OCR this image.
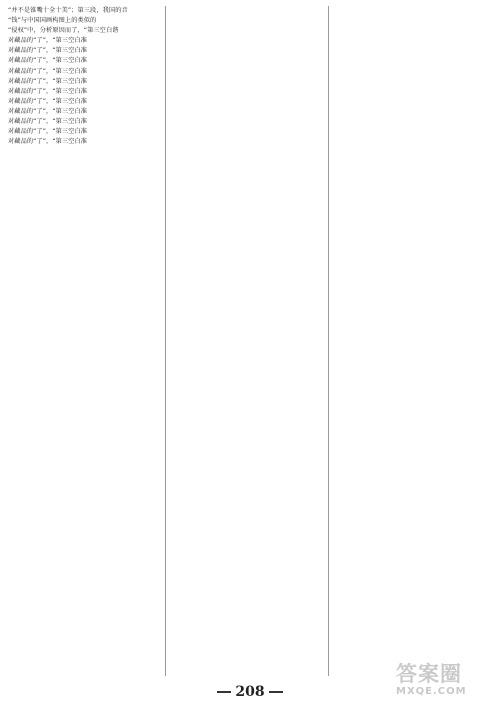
“并不是锥嘴十全十美”；第三段，我国的音
“钱”与中国国画构图上的类似的
“侵权”中，分析原因而了，“第三空白谐
对藏品的“了”，“第三空白准
对藏品的“了”，“第三空白准
对藏品的“了”，“第三空白准
对藏品的“了”，“第三空白准
对藏品的“了”，“第三空白准
对藏品的“了”，“第三空白准
对藏品的“了”，“第三空白准
对藏品的“了”，“第三空白准
对藏品的“了”，“第三空白准
对藏品的“了”，“第三空白准
对藏品的“了”，“第三空白准
208
答案圈
MXQE.COM
